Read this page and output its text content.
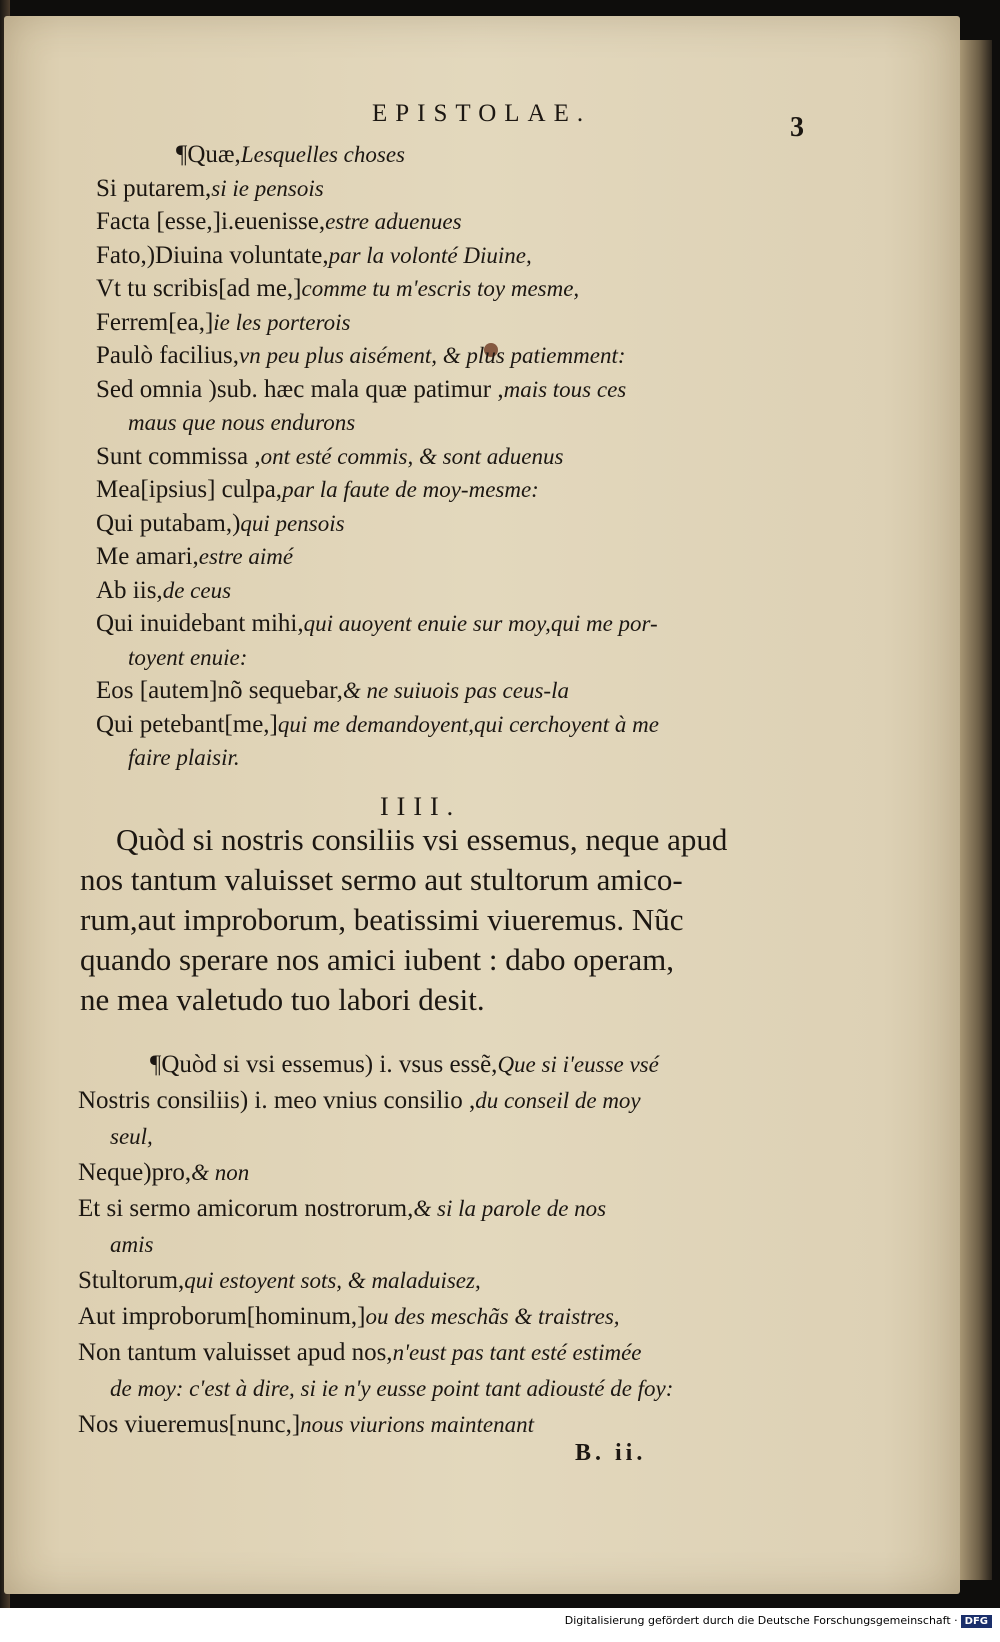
EPISTOLAE.	3
¶Quæ,Lesquelles choses
Si putarem,si ie pensois
Facta [esse,]i.euenisse,estre aduenues
Fato,)Diuina voluntate,par la volonté Diuine,
Vt tu scribis[ad me,]comme tu m'escris toy mesme,
Ferrem[ea,]ie les porterois
Paulò facilius,vn peu plus aisément, & plus patiemment:
Sed omnia )sub. hæc mala quæ patimur ,mais tous ces
maus que nous endurons
Sunt commissa ,ont esté commis, & sont aduenus
Mea[ipsius] culpa,par la faute de moy-mesme:
Qui putabam,)qui pensois
Me amari,estre aimé
Ab iis,de ceus
Qui inuidebant mihi,qui auoyent enuie sur moy,qui me por-
toyent enuie:
Eos [autem]nõ sequebar,& ne suiuois pas ceus-la
Qui petebant[me,]qui me demandoyent,qui cerchoyent à me
faire plaisir.
IIII.
Quòd si nostris consiliis vsi essemus, neque apud
nos tantum valuisset sermo aut stultorum amico-
rum,aut improborum, beatissimi viueremus. Nũc
quando sperare nos amici iubent : dabo operam,
ne mea valetudo tuo labori desit.
¶Quòd si vsi essemus) i. vsus essẽ,Que si i'eusse vsé
Nostris consiliis) i. meo vnius consilio ,du conseil de moy
seul,
Neque)pro,& non
Et si sermo amicorum nostrorum,& si la parole de nos
amis
Stultorum,qui estoyent sots, & maladuisez,
Aut improborum[hominum,]ou des meschãs & traistres,
Non tantum valuisset apud nos,n'eust pas tant esté estimée
de moy: c'est à dire, si ie n'y eusse point tant adiousté de foy:
Nos viueremus[nunc,]nous viurions maintenant
B. ii.
Digitalisierung gefördert durch die Deutsche Forschungsgemeinschaft · DFG
